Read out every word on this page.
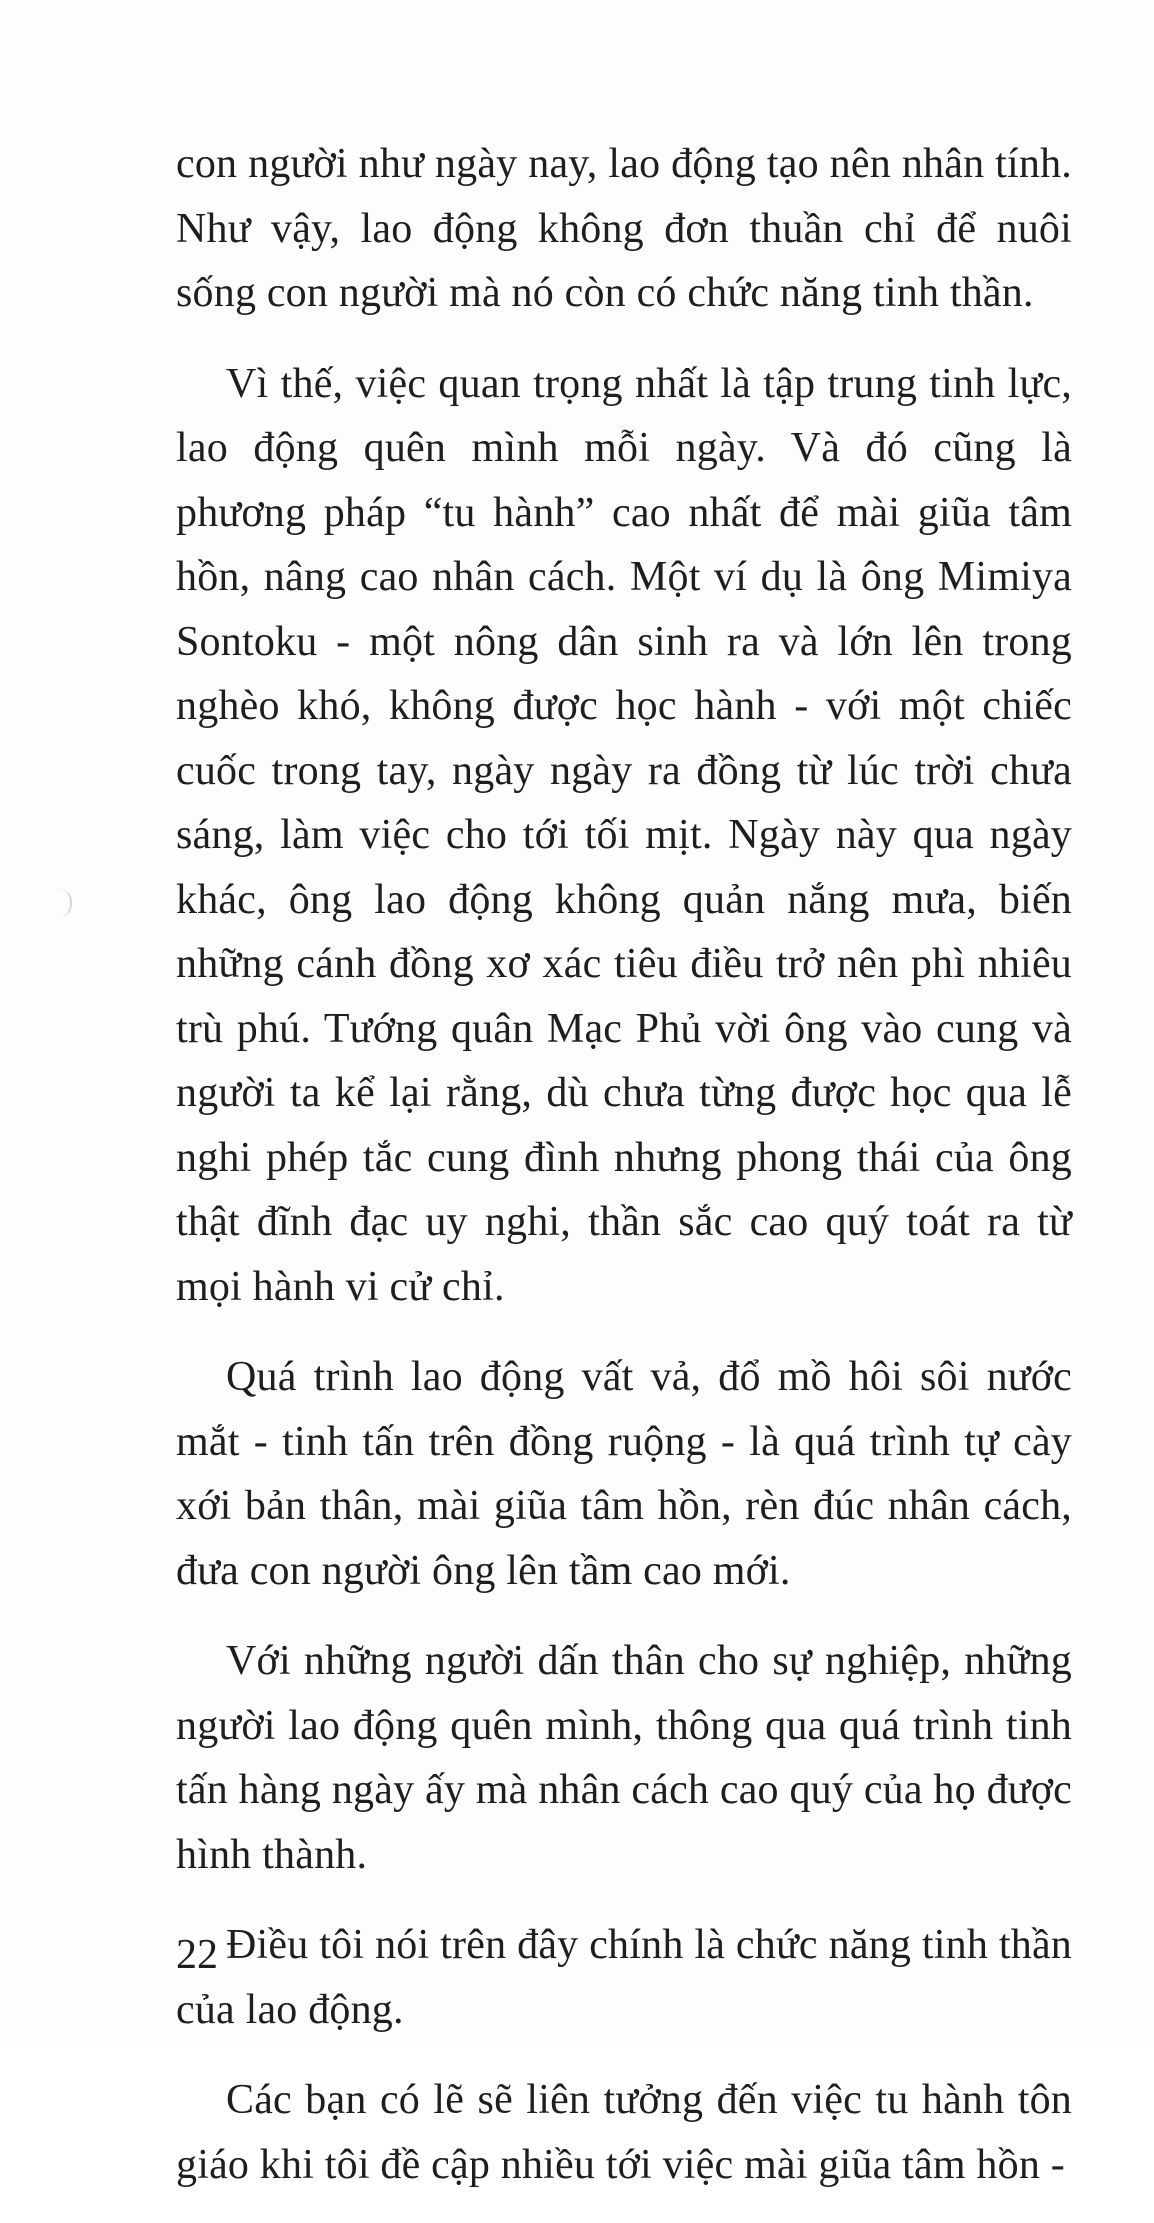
con người như ngày nay, lao động tạo nên nhân tính. Như vậy, lao động không đơn thuần chỉ để nuôi sống con người mà nó còn có chức năng tinh thần.

Vì thế, việc quan trọng nhất là tập trung tinh lực, lao động quên mình mỗi ngày. Và đó cũng là phương pháp “tu hành” cao nhất để mài giũa tâm hồn, nâng cao nhân cách. Một ví dụ là ông Mimiya Sontoku - một nông dân sinh ra và lớn lên trong nghèo khó, không được học hành - với một chiếc cuốc trong tay, ngày ngày ra đồng từ lúc trời chưa sáng, làm việc cho tới tối mịt. Ngày này qua ngày khác, ông lao động không quản nắng mưa, biến những cánh đồng xơ xác tiêu điều trở nên phì nhiêu trù phú. Tướng quân Mạc Phủ vời ông vào cung và người ta kể lại rằng, dù chưa từng được học qua lễ nghi phép tắc cung đình nhưng phong thái của ông thật đĩnh đạc uy nghi, thần sắc cao quý toát ra từ mọi hành vi cử chỉ.

Quá trình lao động vất vả, đổ mồ hôi sôi nước mắt - tinh tấn trên đồng ruộng - là quá trình tự cày xới bản thân, mài giũa tâm hồn, rèn đúc nhân cách, đưa con người ông lên tầm cao mới.

Với những người dấn thân cho sự nghiệp, những người lao động quên mình, thông qua quá trình tinh tấn hàng ngày ấy mà nhân cách cao quý của họ được hình thành.

Điều tôi nói trên đây chính là chức năng tinh thần của lao động.

Các bạn có lẽ sẽ liên tưởng đến việc tu hành tôn giáo khi tôi đề cập nhiều tới việc mài giũa tâm hồn -

22
